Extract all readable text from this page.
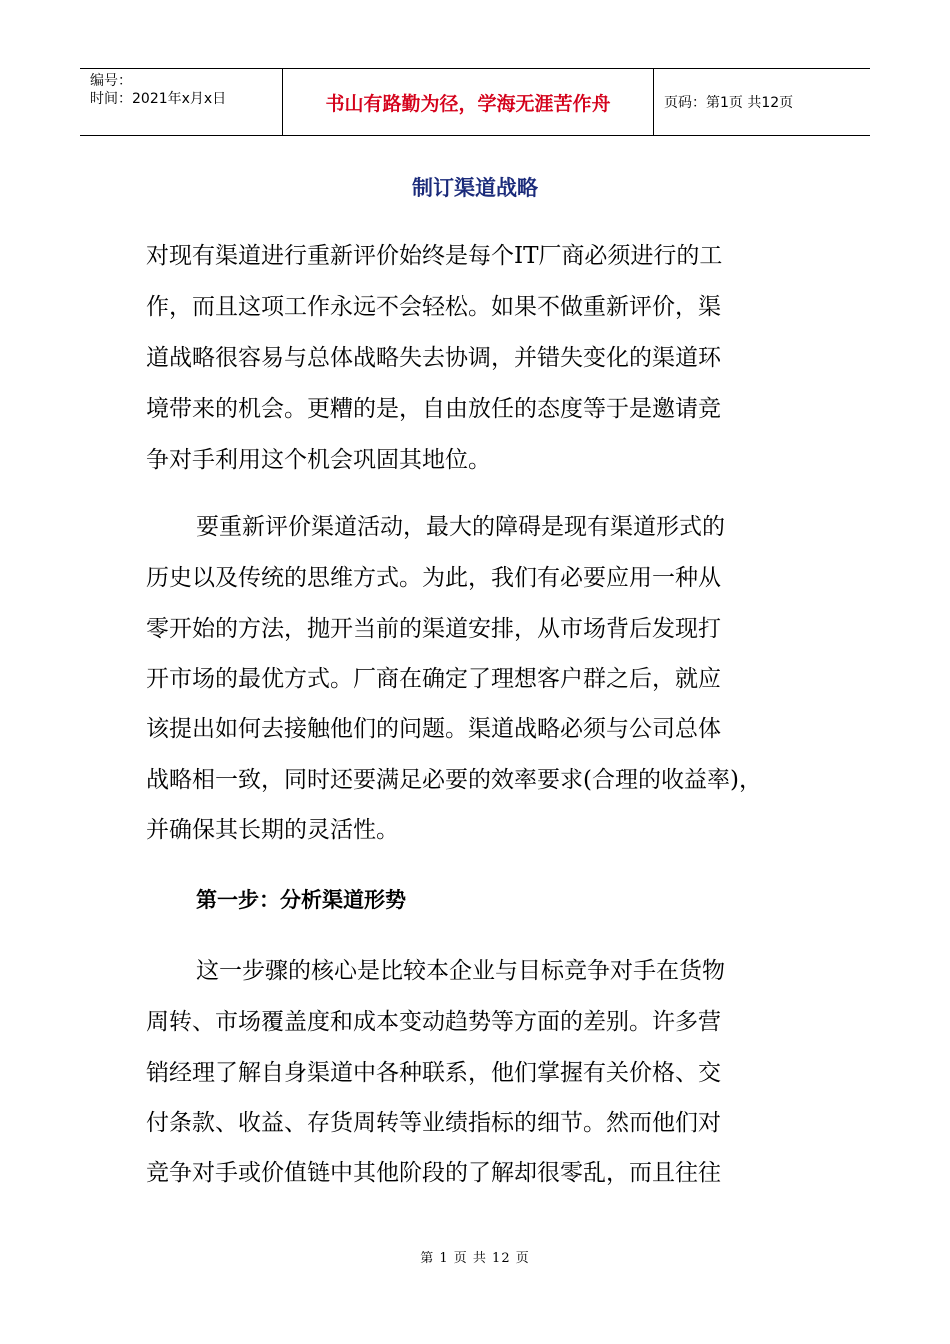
编号：
时间：2021年x月x日	书山有路勤为径，学海无涯苦作舟	页码：第1页 共12页
制订渠道战略
对现有渠道进行重新评价始终是每个IT厂商必须进行的工
作，而且这项工作永远不会轻松。如果不做重新评价，渠
道战略很容易与总体战略失去协调，并错失变化的渠道环
境带来的机会。更糟的是，自由放任的态度等于是邀请竞
争对手利用这个机会巩固其地位。
要重新评价渠道活动，最大的障碍是现有渠道形式的
历史以及传统的思维方式。为此，我们有必要应用一种从
零开始的方法，抛开当前的渠道安排，从市场背后发现打
开市场的最优方式。厂商在确定了理想客户群之后，就应
该提出如何去接触他们的问题。渠道战略必须与公司总体
战略相一致，同时还要满足必要的效率要求(合理的收益率)，
并确保其长期的灵活性。
第一步：分析渠道形势
这一步骤的核心是比较本企业与目标竞争对手在货物
周转、市场覆盖度和成本变动趋势等方面的差别。许多营
销经理了解自身渠道中各种联系，他们掌握有关价格、交
付条款、收益、存货周转等业绩指标的细节。然而他们对
竞争对手或价值链中其他阶段的了解却很零乱，而且往往
第 1 页 共 12 页
